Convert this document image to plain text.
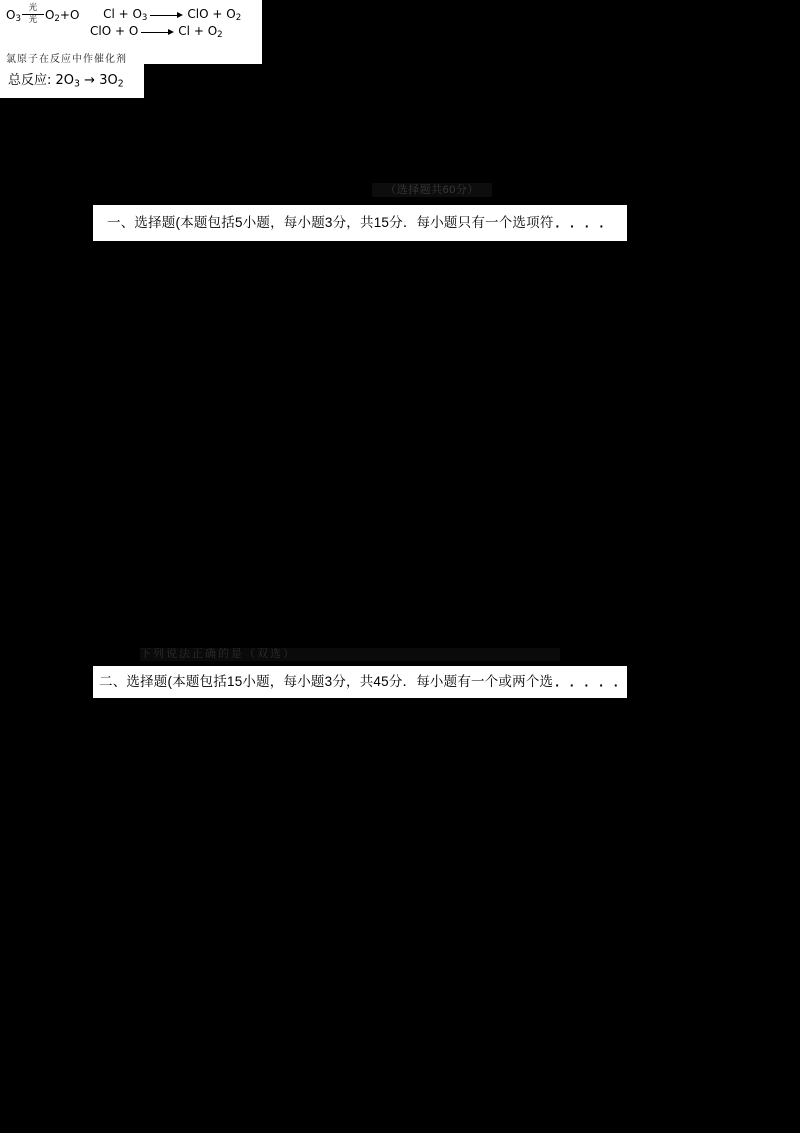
（选择题共60分）
一、选择题(本题包括5小题，每小题3分，共15分．每小题只有一个选项符 · · · ·
$O_3$
光
光 $O_2+O$ $Cl + O_3$	ClO + $O_2$
ClO + O	$Cl + O_2$
氯原子在反应中作催化剂
总反应: $2O_3 \to 3O_2$
下列说法正确的是（双选）
二、选择题(本题包括15小题，每小题3分，共45分．每小题有一个或两个选 · · · · ·
